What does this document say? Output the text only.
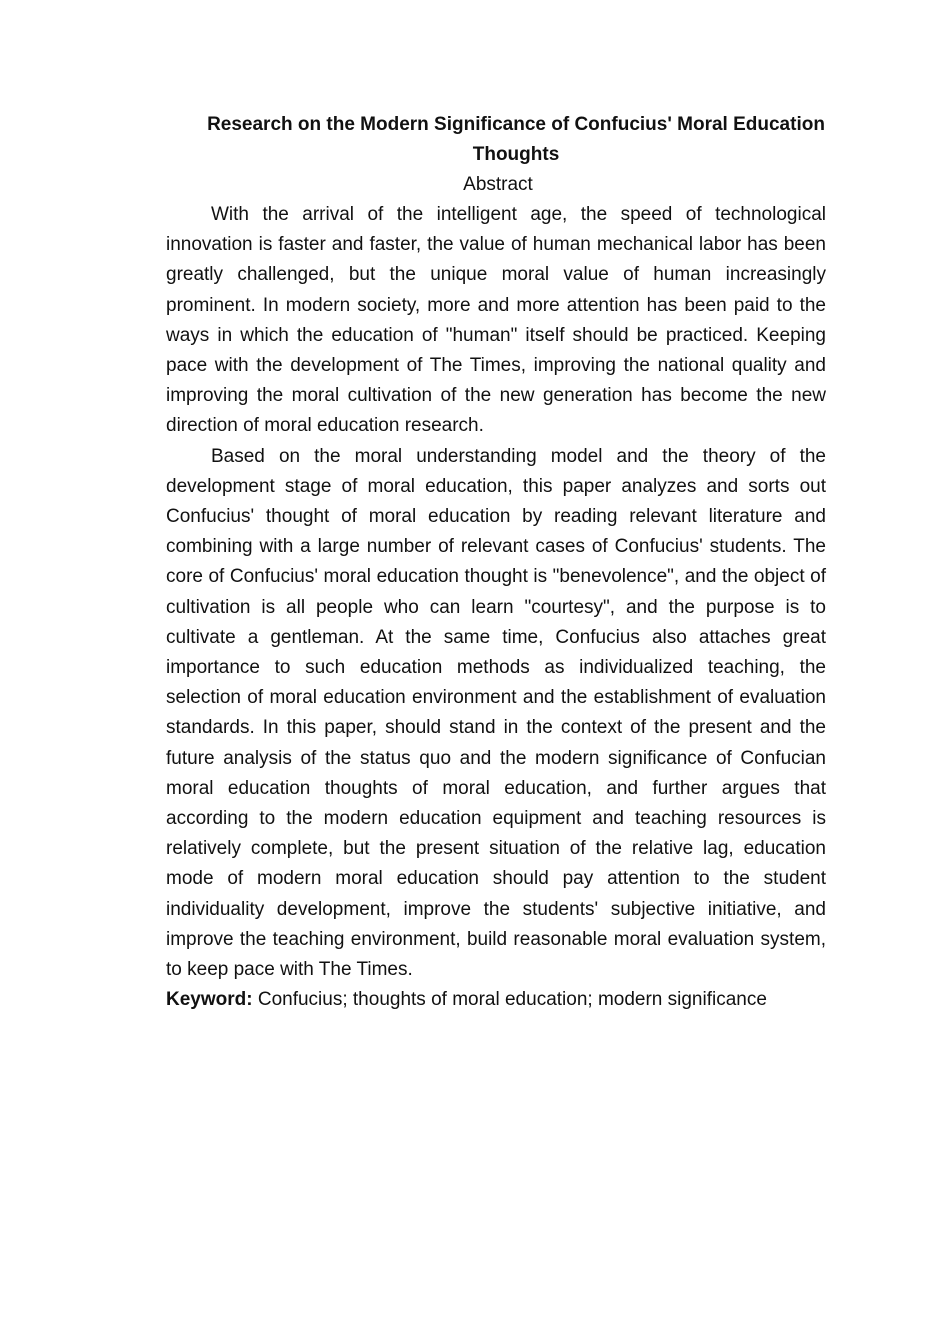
Research on the Modern Significance of Confucius' Moral Education Thoughts
Abstract

With the arrival of the intelligent age, the speed of technological innovation is faster and faster, the value of human mechanical labor has been greatly challenged, but the unique moral value of human increasingly prominent. In modern society, more and more attention has been paid to the ways in which the education of "human" itself should be practiced. Keeping pace with the development of The Times, improving the national quality and improving the moral cultivation of the new generation has become the new direction of moral education research.

Based on the moral understanding model and the theory of the development stage of moral education, this paper analyzes and sorts out Confucius' thought of moral education by reading relevant literature and combining with a large number of relevant cases of Confucius' students. The core of Confucius' moral education thought is "benevolence", and the object of cultivation is all people who can learn "courtesy", and the purpose is to cultivate a gentleman. At the same time, Confucius also attaches great importance to such education methods as individualized teaching, the selection of moral education environment and the establishment of evaluation standards. In this paper, should stand in the context of the present and the future analysis of the status quo and the modern significance of Confucian moral education thoughts of moral education, and further argues that according to the modern education equipment and teaching resources is relatively complete, but the present situation of the relative lag, education mode of modern moral education should pay attention to the student individuality development, improve the students' subjective initiative, and improve the teaching environment, build reasonable moral evaluation system, to keep pace with The Times.

Keyword: Confucius; thoughts of moral education; modern significance
